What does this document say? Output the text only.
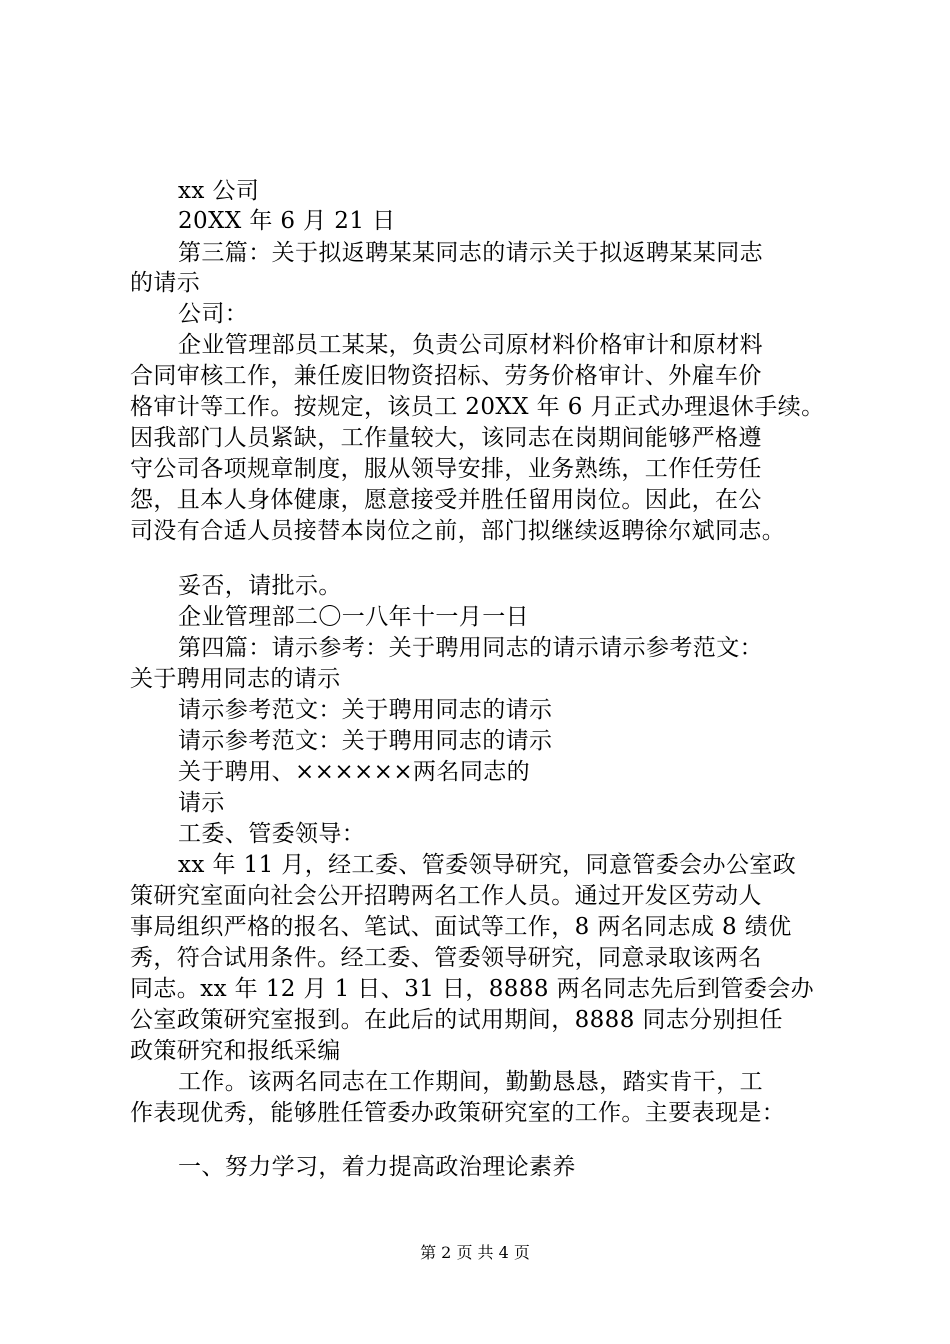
xx 公司
20XX 年 6 月 21 日
第三篇：关于拟返聘某某同志的请示关于拟返聘某某同志
的请示
公司：
企业管理部员工某某，负责公司原材料价格审计和原材料
合同审核工作，兼任废旧物资招标、劳务价格审计、外雇车价
格审计等工作。按规定，该员工 20XX 年 6 月正式办理退休手续。
因我部门人员紧缺，工作量较大，该同志在岗期间能够严格遵
守公司各项规章制度，服从领导安排，业务熟练，工作任劳任
怨，且本人身体健康，愿意接受并胜任留用岗位。因此，在公
司没有合适人员接替本岗位之前，部门拟继续返聘徐尔斌同志。
妥否，请批示。
企业管理部二〇一八年十一月一日
第四篇：请示参考：关于聘用同志的请示请示参考范文：
关于聘用同志的请示
请示参考范文：关于聘用同志的请示
请示参考范文：关于聘用同志的请示
关于聘用、××××××两名同志的
请示
工委、管委领导：
xx 年 11 月，经工委、管委领导研究，同意管委会办公室政
策研究室面向社会公开招聘两名工作人员。通过开发区劳动人
事局组织严格的报名、笔试、面试等工作，8 两名同志成 8 绩优
秀，符合试用条件。经工委、管委领导研究，同意录取该两名
同志。xx 年 12 月 1 日、31 日，8888 两名同志先后到管委会办
公室政策研究室报到。在此后的试用期间，8888 同志分别担任
政策研究和报纸采编
工作。该两名同志在工作期间，勤勤恳恳，踏实肯干，工
作表现优秀，能够胜任管委办政策研究室的工作。主要表现是：
一、努力学习，着力提高政治理论素养
第 2 页 共 4 页
